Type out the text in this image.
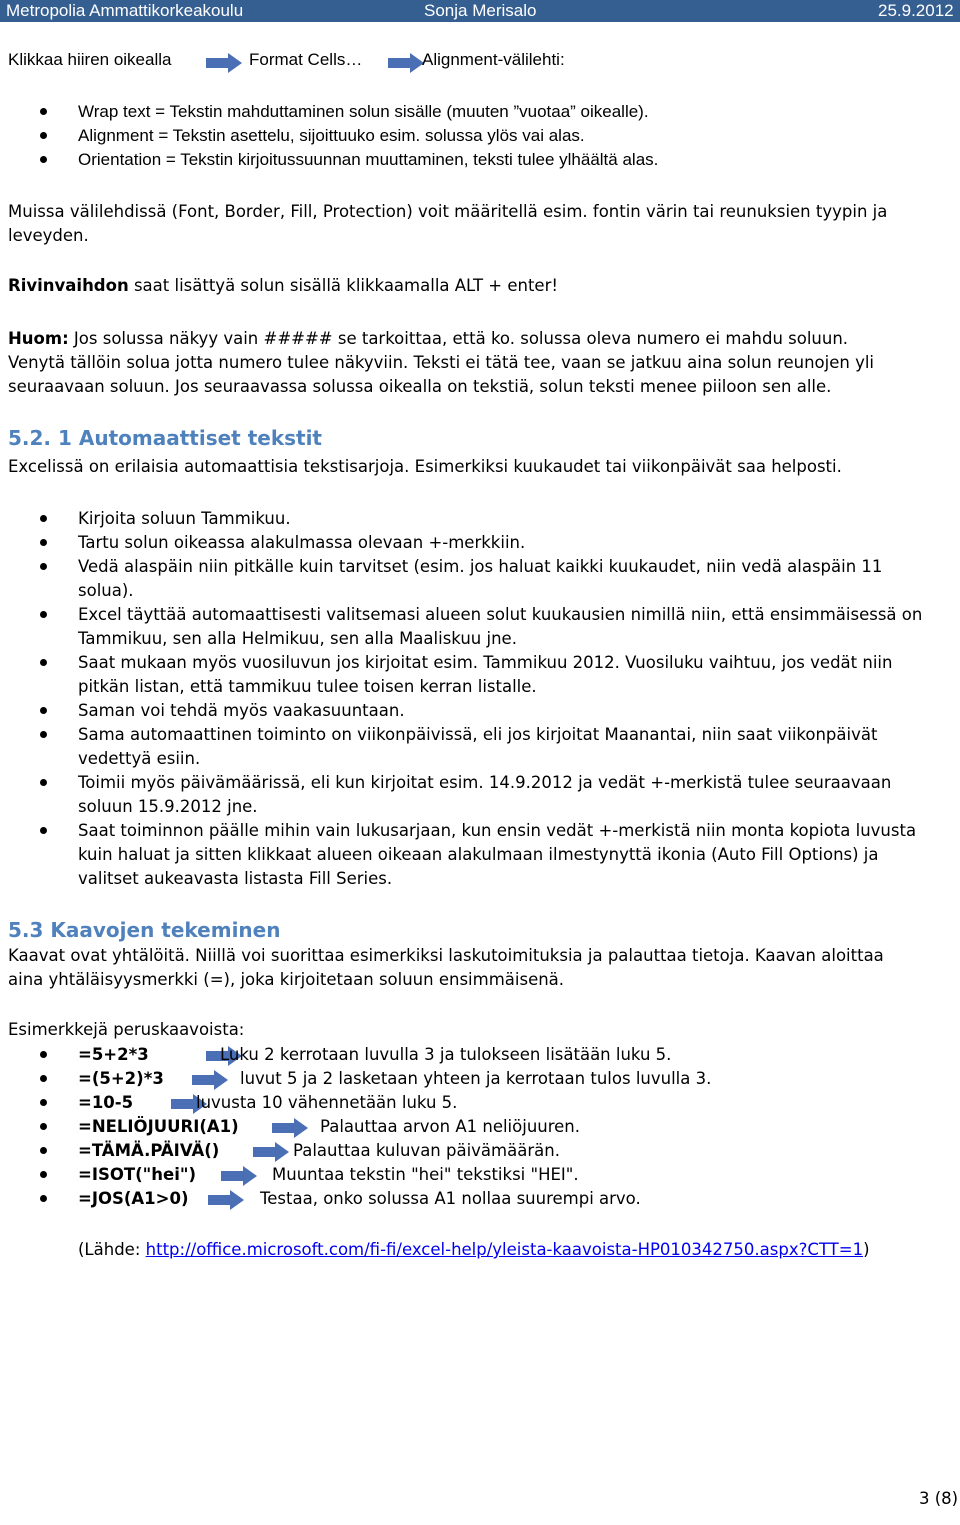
Metropolia Ammattikorkeakoulu	Sonja Merisalo	25.9.2012
Klikkaa hiiren oikealla	Format Cells…	Alignment-välilehti:
Wrap text = Tekstin mahduttaminen solun sisälle (muuten ”vuotaa” oikealle).
Alignment = Tekstin asettelu, sijoittuuko esim. solussa ylös vai alas.
Orientation = Tekstin kirjoitussuunnan muuttaminen, teksti tulee ylhäältä alas.
Muissa välilehdissä (Font, Border, Fill, Protection) voit määritellä esim. fontin värin tai reunuksien tyypin ja
leveyden.
Rivinvaihdon saat lisättyä solun sisällä klikkaamalla ALT + enter!
Huom: Jos solussa näkyy vain ##### se tarkoittaa, että ko. solussa oleva numero ei mahdu soluun.
Venytä tällöin solua jotta numero tulee näkyviin. Teksti ei tätä tee, vaan se jatkuu aina solun reunojen yli
seuraavaan soluun. Jos seuraavassa solussa oikealla on tekstiä, solun teksti menee piiloon sen alle.
5.2. 1 Automaattiset tekstit
Excelissä on erilaisia automaattisia tekstisarjoja. Esimerkiksi kuukaudet tai viikonpäivät saa helposti.
Kirjoita soluun Tammikuu.
Tartu solun oikeassa alakulmassa olevaan +-merkkiin.
Vedä alaspäin niin pitkälle kuin tarvitset (esim. jos haluat kaikki kuukaudet, niin vedä alaspäin 11
solua).
Excel täyttää automaattisesti valitsemasi alueen solut kuukausien nimillä niin, että ensimmäisessä on
Tammikuu, sen alla Helmikuu, sen alla Maaliskuu jne.
Saat mukaan myös vuosiluvun jos kirjoitat esim. Tammikuu 2012. Vuosiluku vaihtuu, jos vedät niin
pitkän listan, että tammikuu tulee toisen kerran listalle.
Saman voi tehdä myös vaakasuuntaan.
Sama automaattinen toiminto on viikonpäivissä, eli jos kirjoitat Maanantai, niin saat viikonpäivät
vedettyä esiin.
Toimii myös päivämäärissä, eli kun kirjoitat esim. 14.9.2012 ja vedät +-merkistä tulee seuraavaan
soluun 15.9.2012 jne.
Saat toiminnon päälle mihin vain lukusarjaan, kun ensin vedät +-merkistä niin monta kopiota luvusta
kuin haluat ja sitten klikkaat alueen oikeaan alakulmaan ilmestynyttä ikonia (Auto Fill Options) ja
valitset aukeavasta listasta Fill Series.
5.3 Kaavojen tekeminen
Kaavat ovat yhtälöitä. Niillä voi suorittaa esimerkiksi laskutoimituksia ja palauttaa tietoja. Kaavan aloittaa
aina yhtäläisyysmerkki (=), joka kirjoitetaan soluun ensimmäisenä.
Esimerkkejä peruskaavoista:
=5+2*3	Luku 2 kerrotaan luvulla 3 ja tulokseen lisätään luku 5.
=(5+2)*3	luvut 5 ja 2 lasketaan yhteen ja kerrotaan tulos luvulla 3.
=10-5	luvusta 10 vähennetään luku 5.
=NELIÖJUURI(A1)	Palauttaa arvon A1 neliöjuuren.
=TÄMÄ.PÄIVÄ()	Palauttaa kuluvan päivämäärän.
=ISOT("hei")	Muuntaa tekstin "hei" tekstiksi "HEI".
=JOS(A1>0)	Testaa, onko solussa A1 nollaa suurempi arvo.
(Lähde: http://office.microsoft.com/fi-fi/excel-help/yleista-kaavoista-HP010342750.aspx?CTT=1)
3 (8)
